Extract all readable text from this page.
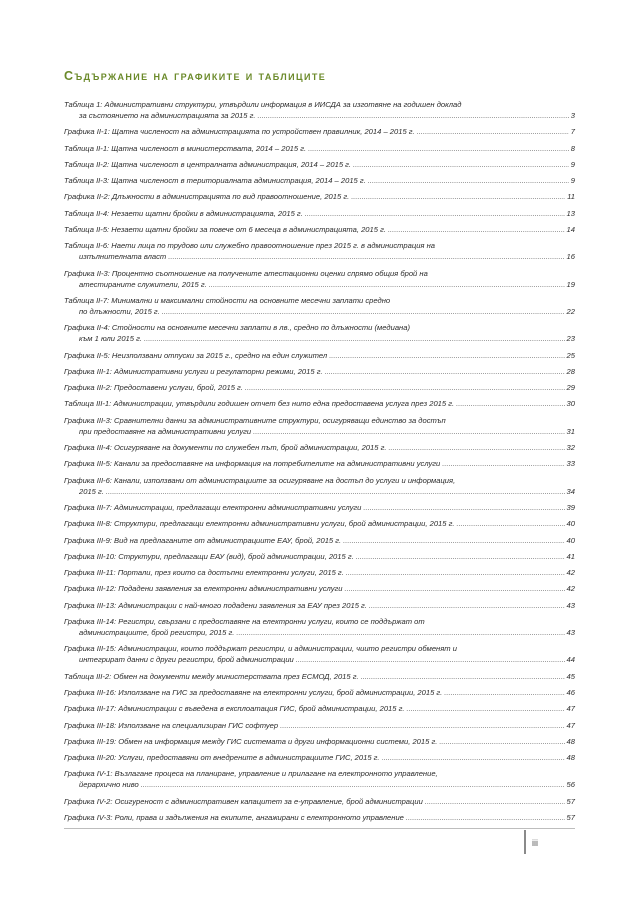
Съдържание на графиките и таблиците
Таблица 1: Административни структури, утвърдили информация в ИИСДА за изготвяне на годишен доклад
за състоянието на администрацията за 2015 г. .....	3
Графика II-1: Щатна численост на администрацията по устройствен правилник, 2014 – 2015 г. .....	7
Таблица II-1: Щатна численост в министерствата, 2014 – 2015 г. .....	8
Таблица II-2: Щатна численост в централната администрация, 2014 – 2015 г. .....	9
Таблица II-3: Щатна численост в териториалната администрация, 2014 – 2015 г. .....	9
Графика II-2: Длъжности в администрацията по вид правоотношение, 2015 г. .....	11
Таблица II-4: Незаети щатни бройки в администрацията, 2015 г. .....	13
Таблица II-5: Незаети щатни бройки за повече от 6 месеца в администрацията, 2015 г. .....	14
Таблица II-6: Наети лица по трудово или служебно правоотношение през 2015 г. в администрация на
изпълнителната власт .....	16
Графика II-3: Процентно съотношение на получените атестационни оценки спрямо общия брой на
атестираните служители, 2015 г. .....	19
Таблица II-7: Минимални и максимални стойности на основните месечни заплати средно
по длъжности, 2015 г. .....	22
Графика II-4: Стойности на основните месечни заплати в лв., средно по длъжности (медиана)
към 1 юли 2015 г. .....	23
Графика II-5: Неизползвани отпуски за 2015 г., средно на един служител .....	25
Графика III-1: Административни услуги и регулаторни режими, 2015 г. .....	28
Графика III-2: Предоставени услуги, брой, 2015 г. .....	29
Таблица III-1: Администрации, утвърдили годишен отчет без нито една предоставена услуга през 2015 г. .....	30
Графика III-3: Сравнителни данни за административните структури, осигуряващи единство за достъп
при предоставяне на административни услуги .....	31
Графика III-4: Осигуряване на документи по служебен път, брой администрации, 2015 г. .....	32
Графика III-5: Канали за предоставяне на информация на потребителите на административни услуги .....	33
Графика III-6: Канали, използвани от администрациите за осигуряване на достъп до услуги и информация,
2015 г. .....	34
Графика III-7: Администрации, предлагащи електронни административни услуги .....	39
Графика III-8: Структури, предлагащи електронни административни услуги, брой администрации, 2015 г. .....	40
Графика III-9: Вид на предлаганите от администрациите ЕАУ, брой, 2015 г. .....	40
Графика III-10: Структури, предлагащи ЕАУ (вид), брой администрации, 2015 г. .....	41
Графика III-11: Портали, през които са достъпни електронни услуги, 2015 г. .....	42
Графика III-12: Подадени заявления за електронни административни услуги .....	42
Графика III-13: Администрации с най-много подадени заявления за ЕАУ през 2015 г. .....	43
Графика III-14: Регистри, свързани с предоставяне на електронни услуги, които се поддържат от
администрациите, брой регистри, 2015 г. .....	43
Графика III-15: Администрации, които поддържат регистри, и администрации, чиито регистри обменят и
интегрират данни с други регистри, брой администрации .....	44
Таблица III-2: Обмен на документи между министерствата през ЕСМОД, 2015 г. .....	45
Графика III-16: Използване на ГИС за предоставяне на електронни услуги, брой администрации, 2015 г. .....	46
Графика III-17: Администрации с въведена в експлоатация ГИС, брой администрации, 2015 г. .....	47
Графика III-18: Използване на специализиран ГИС софтуер .....	47
Графика III-19: Обмен на информация между ГИС системата и други информационни системи, 2015 г. .....	48
Графика III-20: Услуги, предоставяни от внедрените в администрациите ГИС, 2015 г. .....	48
Графика IV-1: Възлагане процеса на планиране, управление и прилагане на електронното управление,
йерархично ниво .....	56
Графика IV-2: Осигуреност с административен капацитет за е-управление, брой администрации .....	57
Графика IV-3: Роли, права и задължения на екипите, ангажирани с електронното управление .....	57
iii
